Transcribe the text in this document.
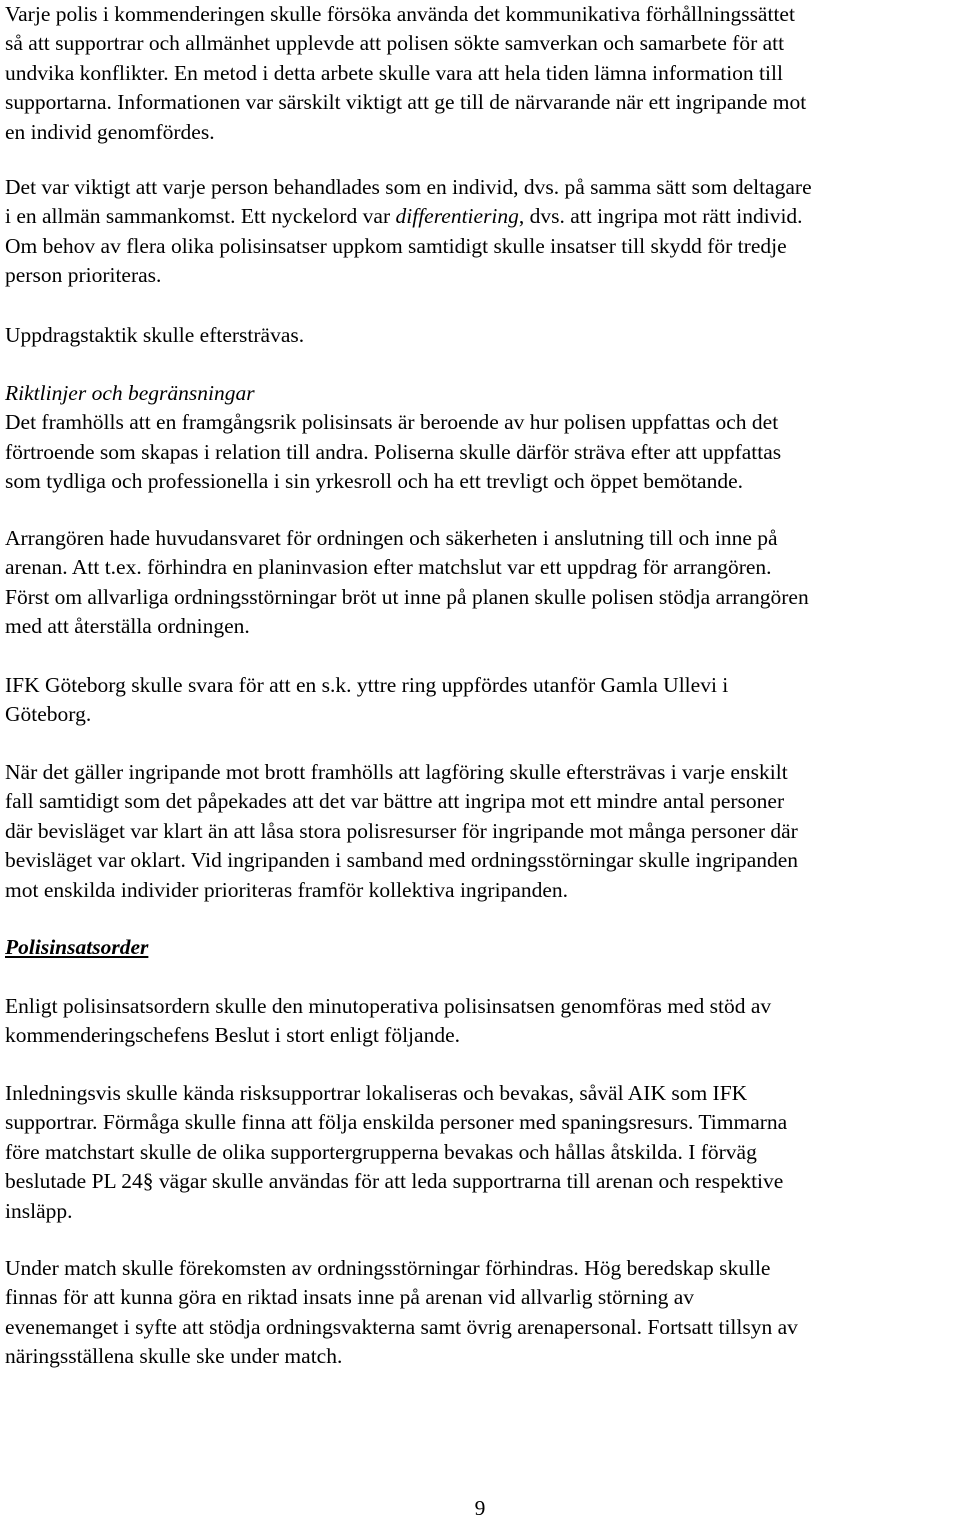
Varje polis i kommenderingen skulle försöka använda det kommunikativa förhållningssättet
så att supportrar och allmänhet upplevde att polisen sökte samverkan och samarbete för att
undvika konflikter. En metod i detta arbete skulle vara att hela tiden lämna information till
supportarna. Informationen var särskilt viktigt att ge till de närvarande när ett ingripande mot
en individ genomfördes.

Det var viktigt att varje person behandlades som en individ, dvs. på samma sätt som deltagare
i en allmän sammankomst. Ett nyckelord var differentiering, dvs. att ingripa mot rätt individ.
Om behov av flera olika polisinsatser uppkom samtidigt skulle insatser till skydd för tredje
person prioriteras.

Uppdragstaktik skulle eftersträvas.

Riktlinjer och begränsningar
Det framhölls att en framgångsrik polisinsats är beroende av hur polisen uppfattas och det
förtroende som skapas i relation till andra. Poliserna skulle därför sträva efter att uppfattas
som tydliga och professionella i sin yrkesroll och ha ett trevligt och öppet bemötande.

Arrangören hade huvudansvaret för ordningen och säkerheten i anslutning till och inne på
arenan. Att t.ex. förhindra en planinvasion efter matchslut var ett uppdrag för arrangören.
Först om allvarliga ordningsstörningar bröt ut inne på planen skulle polisen stödja arrangören
med att återställa ordningen.

IFK Göteborg skulle svara för att en s.k. yttre ring uppfördes utanför Gamla Ullevi i
Göteborg.

När det gäller ingripande mot brott framhölls att lagföring skulle eftersträvas i varje enskilt
fall samtidigt som det påpekades att det var bättre att ingripa mot ett mindre antal personer
där bevisläget var klart än att låsa stora polisresurser för ingripande mot många personer där
bevisläget var oklart. Vid ingripanden i samband med ordningsstörningar skulle ingripanden
mot enskilda individer prioriteras framför kollektiva ingripanden.

Polisinsatsorder

Enligt polisinsatsordern skulle den minutoperativa polisinsatsen genomföras med stöd av
kommenderingschefens Beslut i stort enligt följande.

Inledningsvis skulle kända risksupportrar lokaliseras och bevakas, såväl AIK som IFK
supportrar. Förmåga skulle finna att följa enskilda personer med spaningsresurs. Timmarna
före matchstart skulle de olika supportergrupperna bevakas och hållas åtskilda. I förväg
beslutade PL 24§ vägar skulle användas för att leda supportrarna till arenan och respektive
insläpp.

Under match skulle förekomsten av ordningsstörningar förhindras. Hög beredskap skulle
finnas för att kunna göra en riktad insats inne på arenan vid allvarlig störning av
evenemanget i syfte att stödja ordningsvakterna samt övrig arenapersonal. Fortsatt tillsyn av
näringsställena skulle ske under match.

9
